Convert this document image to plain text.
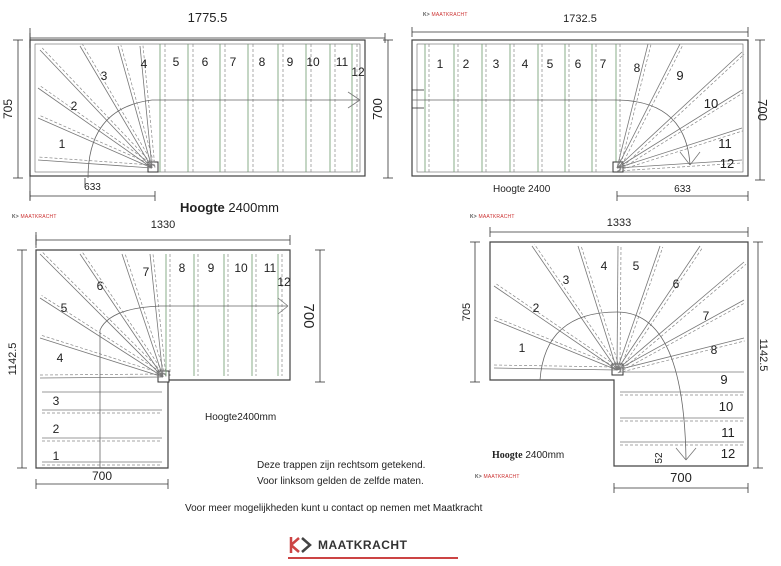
1
2
3
4 5 6 7 8 9 10 11
12
1775.5
705	700
633
1 2 3 4 5 6 7 8	9
10
11
12
1732.5
700
633
1
2
3
4
5
6
7 8 9 10 11
12
1330
1142.5
700
700
1
2
3
4 5
6
7
8
9
10
11
12
1333
705
1142.5
700
52
K> MAATKRACHT
K> MAATKRACHT	K> MAATKRACHT
K> MAATKRACHT
Hoogte 2400mm
Hoogte 2400
Hoogte2400mm
Hoogte 2400mm
Deze trappen zijn rechtsom getekend.
Voor linksom gelden de zelfde maten.
Voor meer mogelijkheden kunt u contact op nemen met Maatkracht
MAATKRACHT
